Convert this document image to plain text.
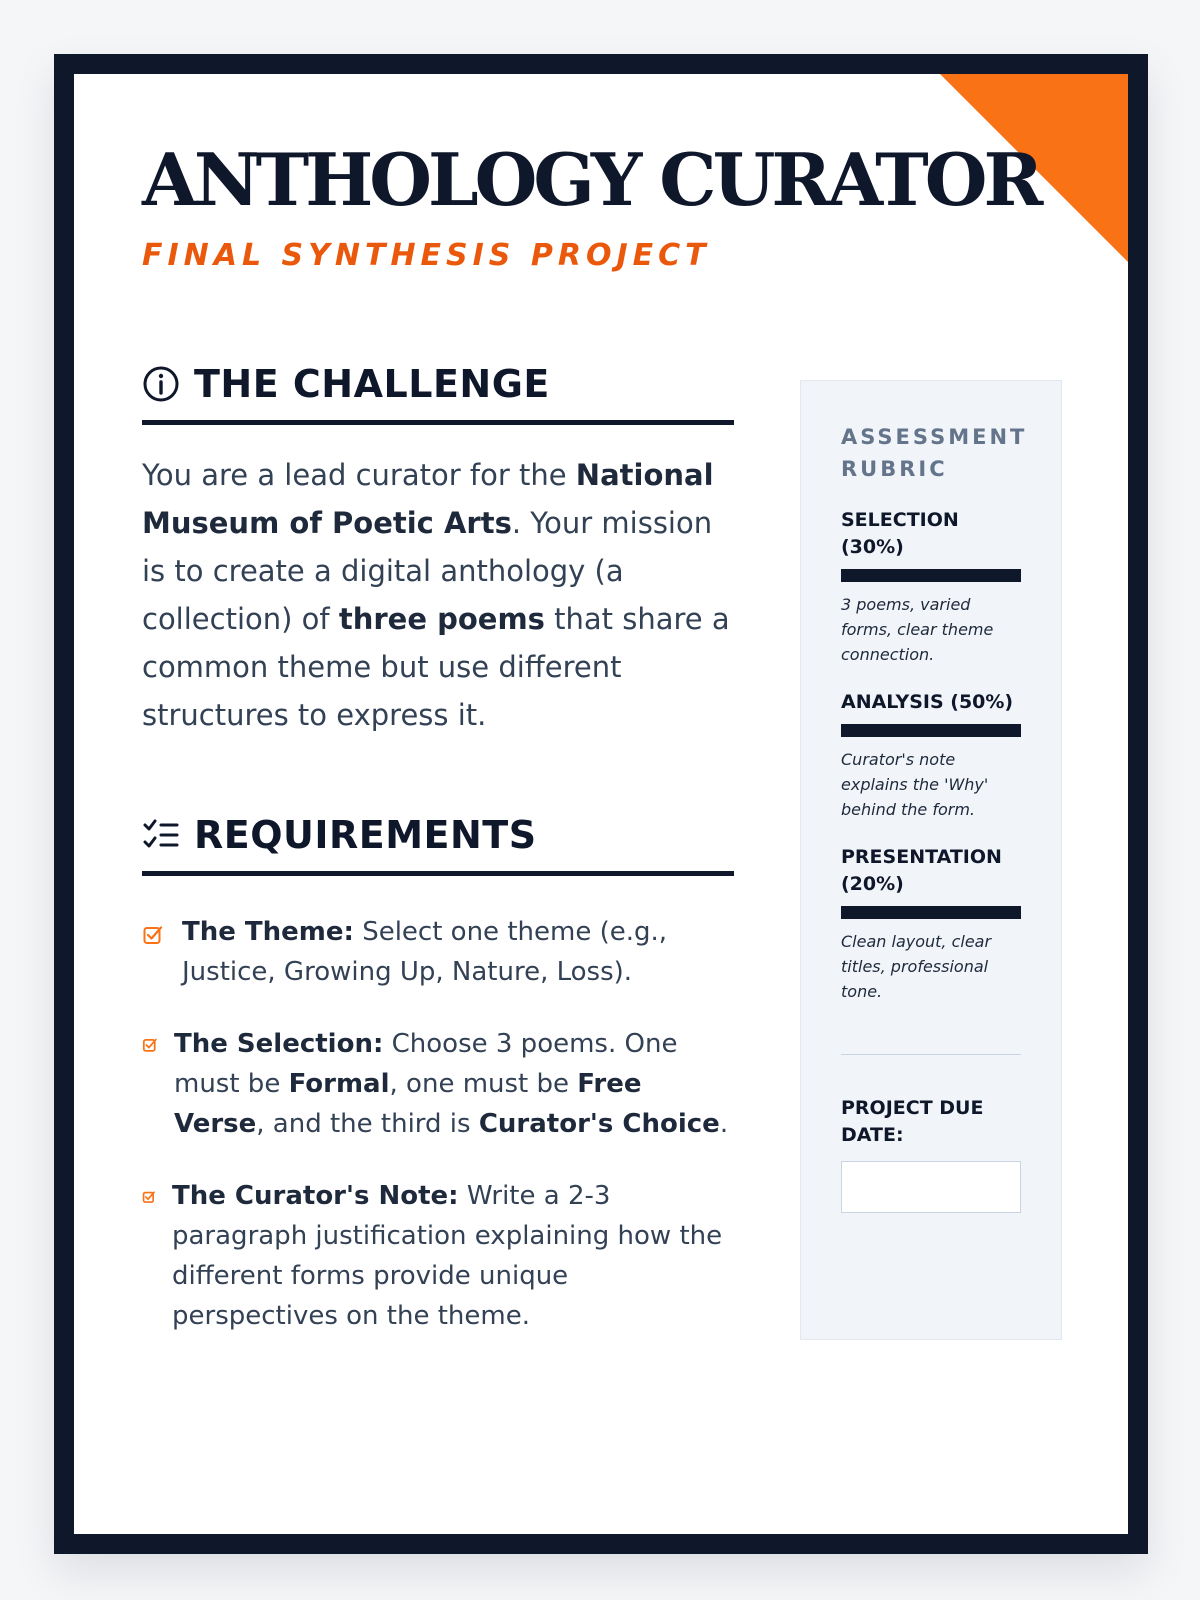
ANTHOLOGY CURATOR
FINAL SYNTHESIS PROJECT
THE CHALLENGE

You are a lead curator for the National Museum of Poetic Arts. Your mission is to create a digital anthology (a collection) of three poems that share a common theme but use different structures to express it.

REQUIREMENTS
The Theme: Select one theme (e.g., Justice, Growing Up, Nature, Loss).
The Selection: Choose 3 poems. One must be Formal, one must be Free Verse, and the third is Curator's Choice.
The Curator's Note: Write a 2-3 paragraph justification explaining how the different forms provide unique perspectives on the theme.
ASSESSMENT RUBRIC
SELECTION (30%)
3 poems, varied forms, clear theme connection.
ANALYSIS (50%)
Curator's note explains the 'Why' behind the form.
PRESENTATION (20%)
Clean layout, clear titles, professional tone.
PROJECT DUE DATE:
